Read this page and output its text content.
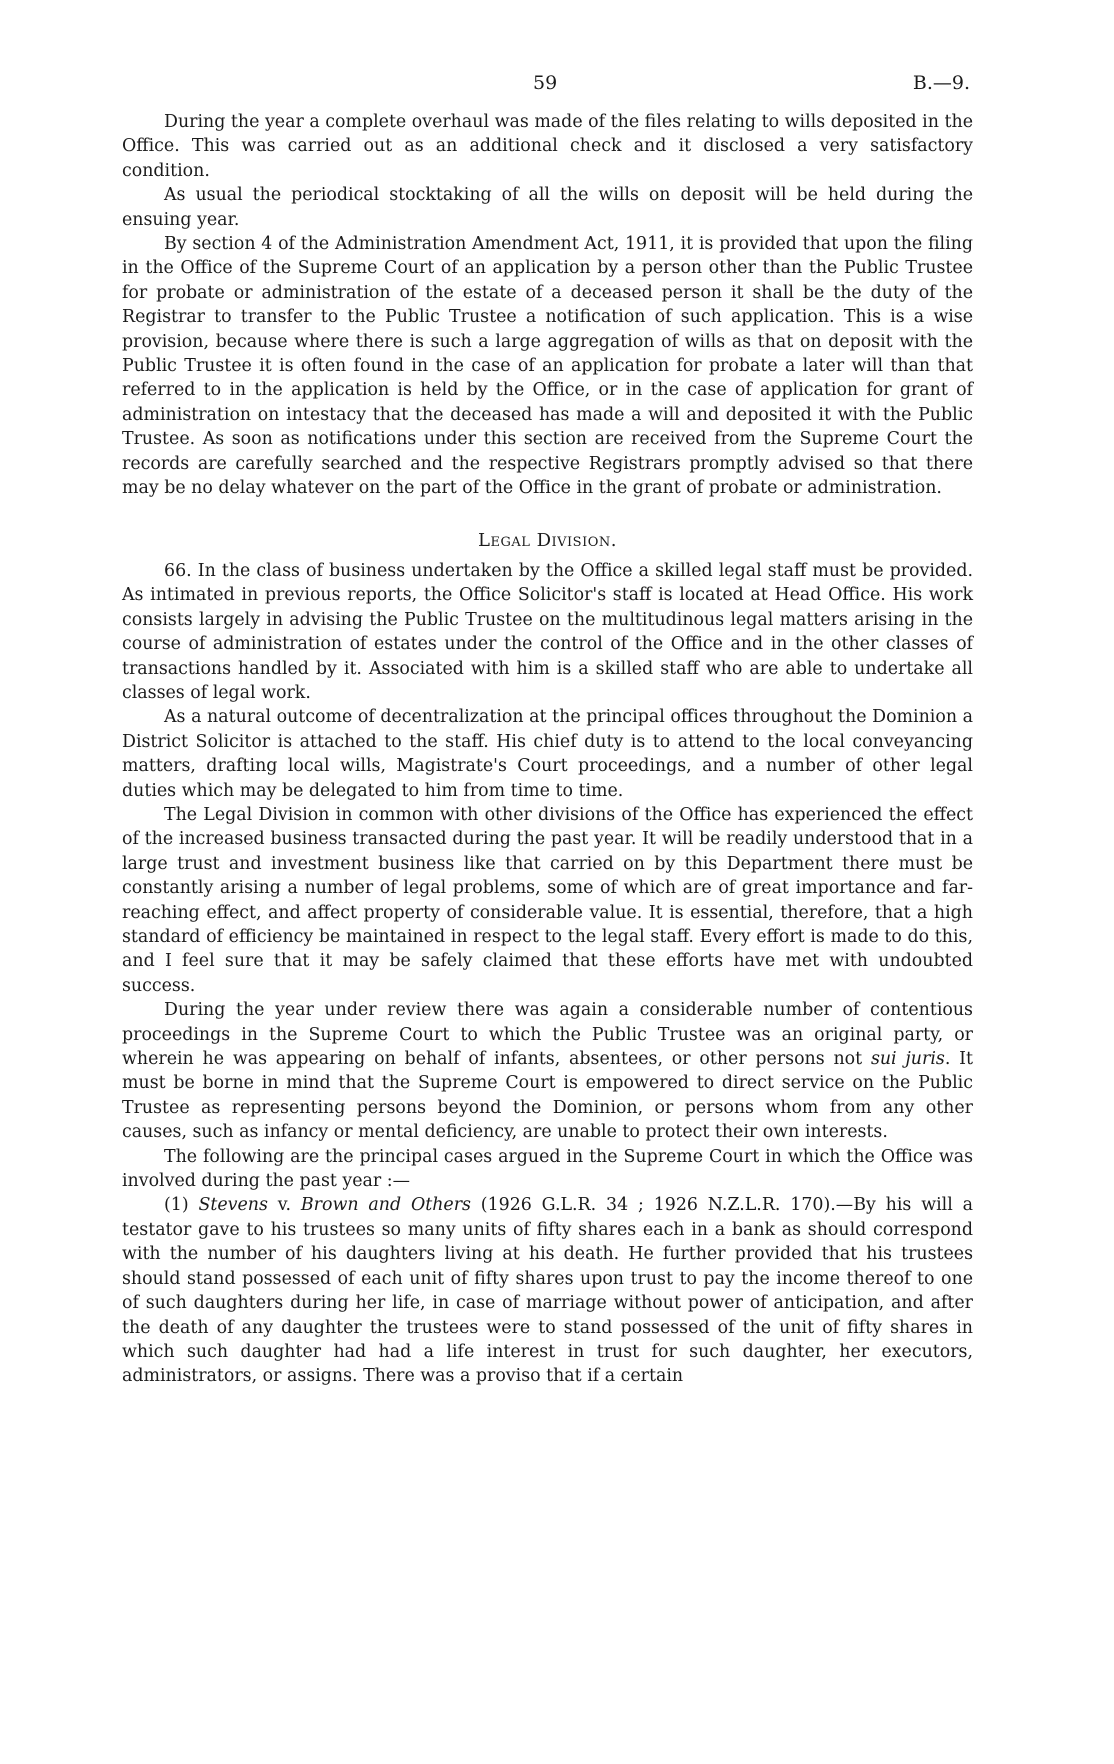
59	B.—9.

During the year a complete overhaul was made of the files relating to wills deposited in the Office. This was carried out as an additional check and it disclosed a very satisfactory condition.

As usual the periodical stocktaking of all the wills on deposit will be held during the ensuing year.

By section 4 of the Administration Amendment Act, 1911, it is provided that upon the filing in the Office of the Supreme Court of an application by a person other than the Public Trustee for probate or administration of the estate of a deceased person it shall be the duty of the Registrar to transfer to the Public Trustee a notification of such application. This is a wise provision, because where there is such a large aggregation of wills as that on deposit with the Public Trustee it is often found in the case of an application for probate a later will than that referred to in the application is held by the Office, or in the case of application for grant of administration on intestacy that the deceased has made a will and deposited it with the Public Trustee. As soon as notifications under this section are received from the Supreme Court the records are carefully searched and the respective Registrars promptly advised so that there may be no delay whatever on the part of the Office in the grant of probate or administration.

Legal Division.

66. In the class of business undertaken by the Office a skilled legal staff must be provided. As intimated in previous reports, the Office Solicitor's staff is located at Head Office. His work consists largely in advising the Public Trustee on the multitudinous legal matters arising in the course of administration of estates under the control of the Office and in the other classes of transactions handled by it. Associated with him is a skilled staff who are able to undertake all classes of legal work.

As a natural outcome of decentralization at the principal offices throughout the Dominion a District Solicitor is attached to the staff. His chief duty is to attend to the local conveyancing matters, drafting local wills, Magistrate's Court proceedings, and a number of other legal duties which may be delegated to him from time to time.

The Legal Division in common with other divisions of the Office has experienced the effect of the increased business transacted during the past year. It will be readily understood that in a large trust and investment business like that carried on by this Department there must be constantly arising a number of legal problems, some of which are of great importance and far-reaching effect, and affect property of considerable value. It is essential, therefore, that a high standard of efficiency be maintained in respect to the legal staff. Every effort is made to do this, and I feel sure that it may be safely claimed that these efforts have met with undoubted success.

During the year under review there was again a considerable number of contentious proceedings in the Supreme Court to which the Public Trustee was an original party, or wherein he was appearing on behalf of infants, absentees, or other persons not sui juris. It must be borne in mind that the Supreme Court is empowered to direct service on the Public Trustee as representing persons beyond the Dominion, or persons whom from any other causes, such as infancy or mental deficiency, are unable to protect their own interests.

The following are the principal cases argued in the Supreme Court in which the Office was involved during the past year :—

(1) Stevens v. Brown and Others (1926 G.L.R. 34 ; 1926 N.Z.L.R. 170).—By his will a testator gave to his trustees so many units of fifty shares each in a bank as should correspond with the number of his daughters living at his death. He further provided that his trustees should stand possessed of each unit of fifty shares upon trust to pay the income thereof to one of such daughters during her life, in case of marriage without power of anticipation, and after the death of any daughter the trustees were to stand possessed of the unit of fifty shares in which such daughter had had a life interest in trust for such daughter, her executors, administrators, or assigns. There was a proviso that if a certain
